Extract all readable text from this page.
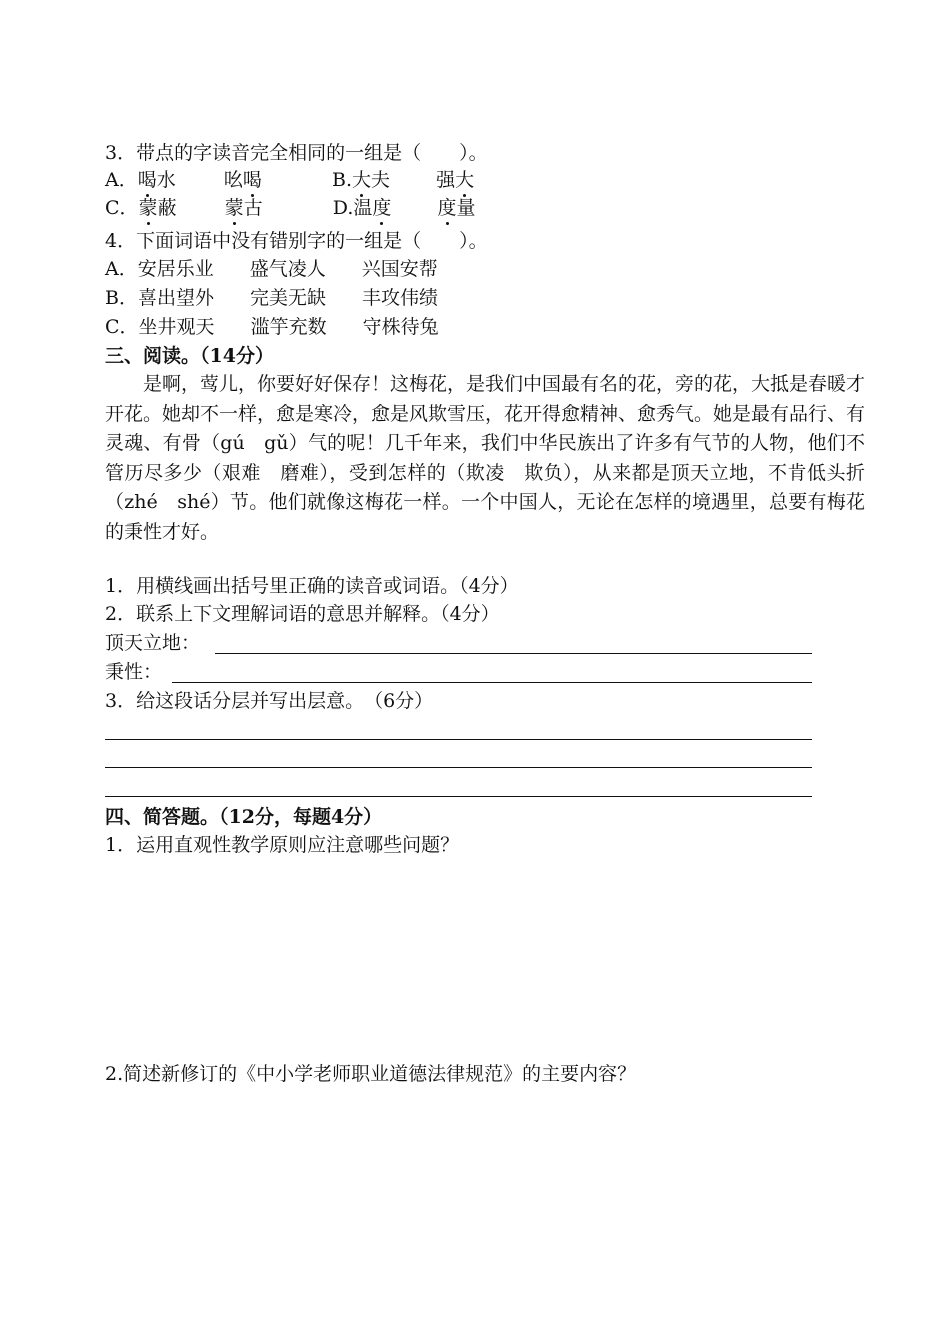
3．带点的字读音完全相同的一组是（　　）。
A．喝水	吆喝	B.大夫 强大
C．蒙蔽	蒙古	D.温度 度量
4．下面词语中没有错别字的一组是（　　）。
A．安居乐业 盛气凌人 兴国安帮
B．喜出望外 完美无缺 丰攻伟绩
C．坐井观天 滥竽充数 守株待兔
三、阅读。（14分）

是啊，莺儿，你要好好保存！这梅花，是我们中国最有名的花，旁的花，大抵是春暖才开花。她却不一样，愈是寒冷，愈是风欺雪压，花开得愈精神、愈秀气。她是最有品行、有灵魂、有骨（gú　gǔ）气的呢！几千年来，我们中华民族出了许多有气节的人物，他们不管历尽多少（艰难　磨难），受到怎样的（欺凌　欺负），从来都是顶天立地，不肯低头折（zhé　shé）节。他们就像这梅花一样。一个中国人，无论在怎样的境遇里，总要有梅花的秉性才好。

1．用横线画出括号里正确的读音或词语。（4分）
2．联系上下文理解词语的意思并解释。（4分）
顶天立地：
秉性：
3．给这段话分层并写出层意。　（6分）
四、简答题。（12分，每题4分）
1．运用直观性教学原则应注意哪些问题？
2.简述新修订的《中小学老师职业道德法律规范》的主要内容？
